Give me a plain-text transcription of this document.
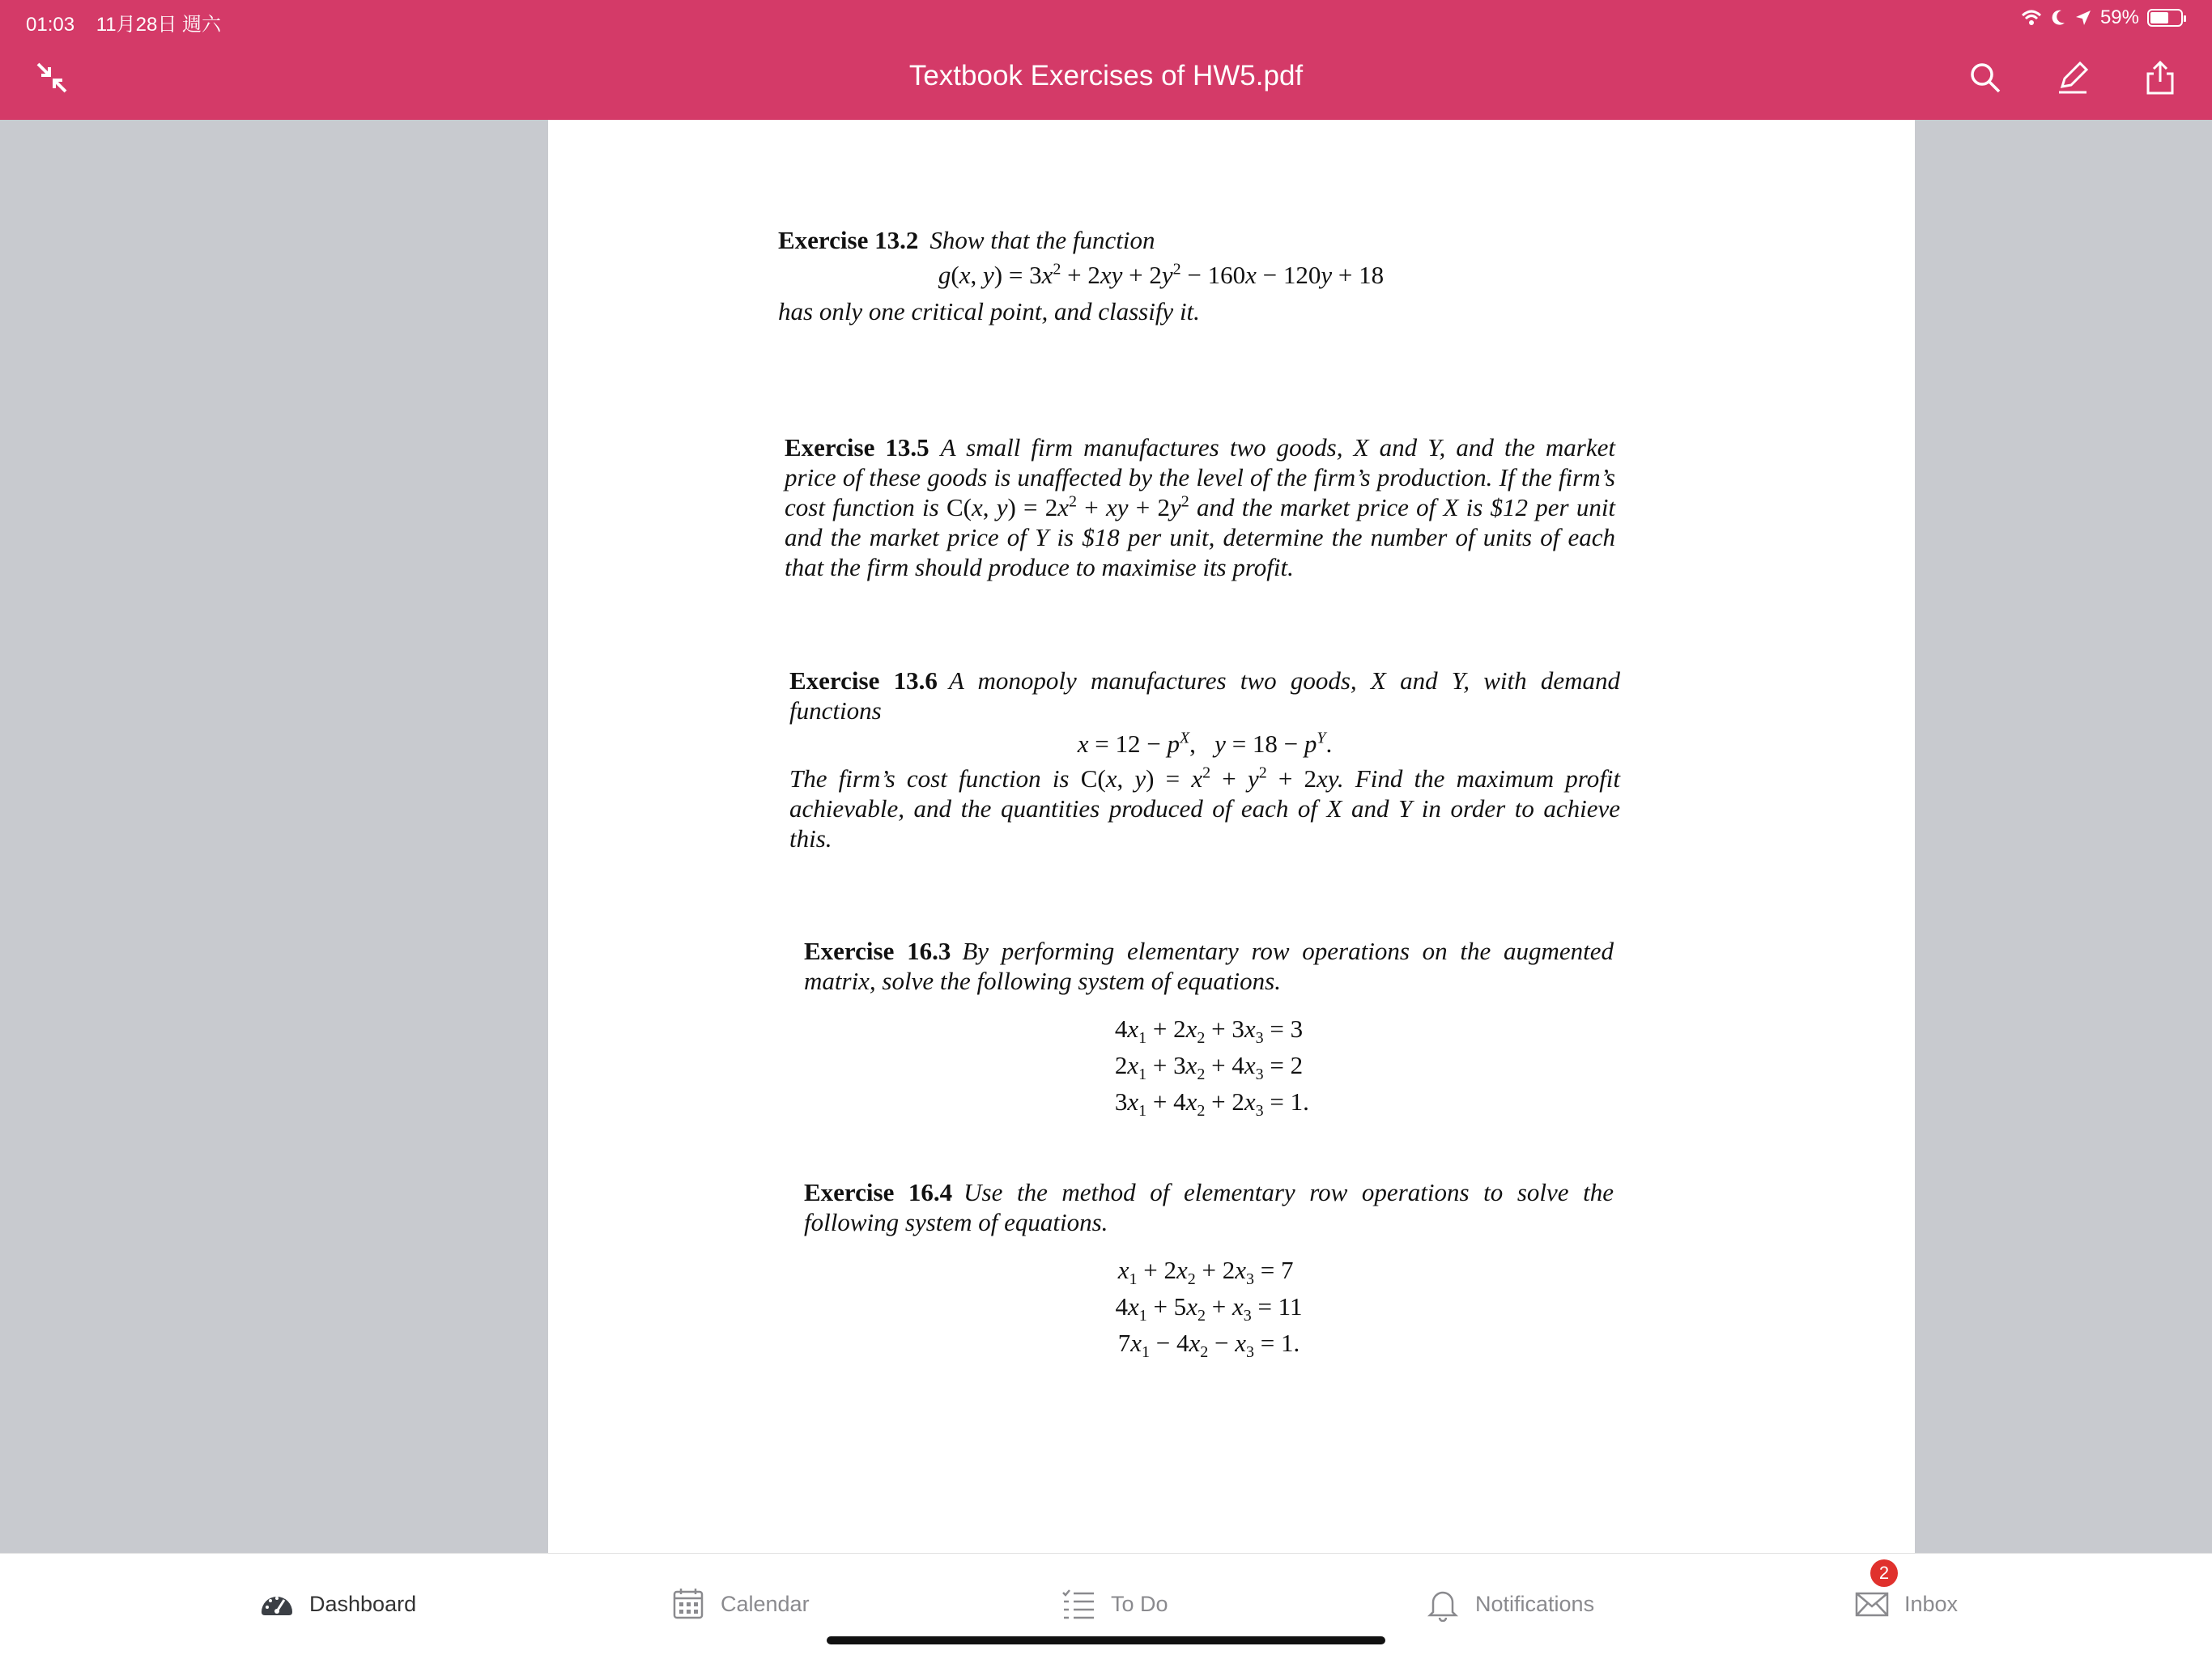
01:03 11月28日 週六	59%
Textbook Exercises of HW5.pdf
Exercise 13.2 Show that the function
g(x, $y) = 3x^2 + 2xy + 2y^2 - 160x - 120y + 18$
has only one critical point, and classify it.
Exercise 13.5 A small firm manufactures two goods, X and Y, and the market price of these goods is unaffected by the level of the firm’s production. If the firm’s cost function is C(x, $y) = 2x^2$ + xy + $2y^2$ and the market price of X is $12 per unit and the market price of Y is $18 per unit, determine the number of units of each that the firm should produce to maximise its profit.
Exercise 13.6 A monopoly manufactures two goods, X and Y, with demand functions
$x = 12 - p^X$,   $y = 18 - p^Y$.
The firm’s cost function is C(x, $y) = x^2 + y^2 + 2xy$. Find the maximum profit achievable, and the quantities produced of each of X and Y in order to achieve this.
Exercise 16.3 By performing elementary row operations on the augmented matrix, solve the following system of equations.
$4x_1 + 2x_2 + 3x_3 = 3$
$2x_1 + 3x_2 + 4x_3 = 2$
$3x_1 + 4x_2 + 2x_3 = 1$.
Exercise 16.4 Use the method of elementary row operations to solve the following system of equations.
$x_1 + 2x_2 + 2x_3 = 7$
$4x_1 + 5x_2 + x_3 = 11$
$7x_1 - 4x_2 - x_3 = 1$.
Dashboard	Calendar	To Do	Notifications	Inbox
2
